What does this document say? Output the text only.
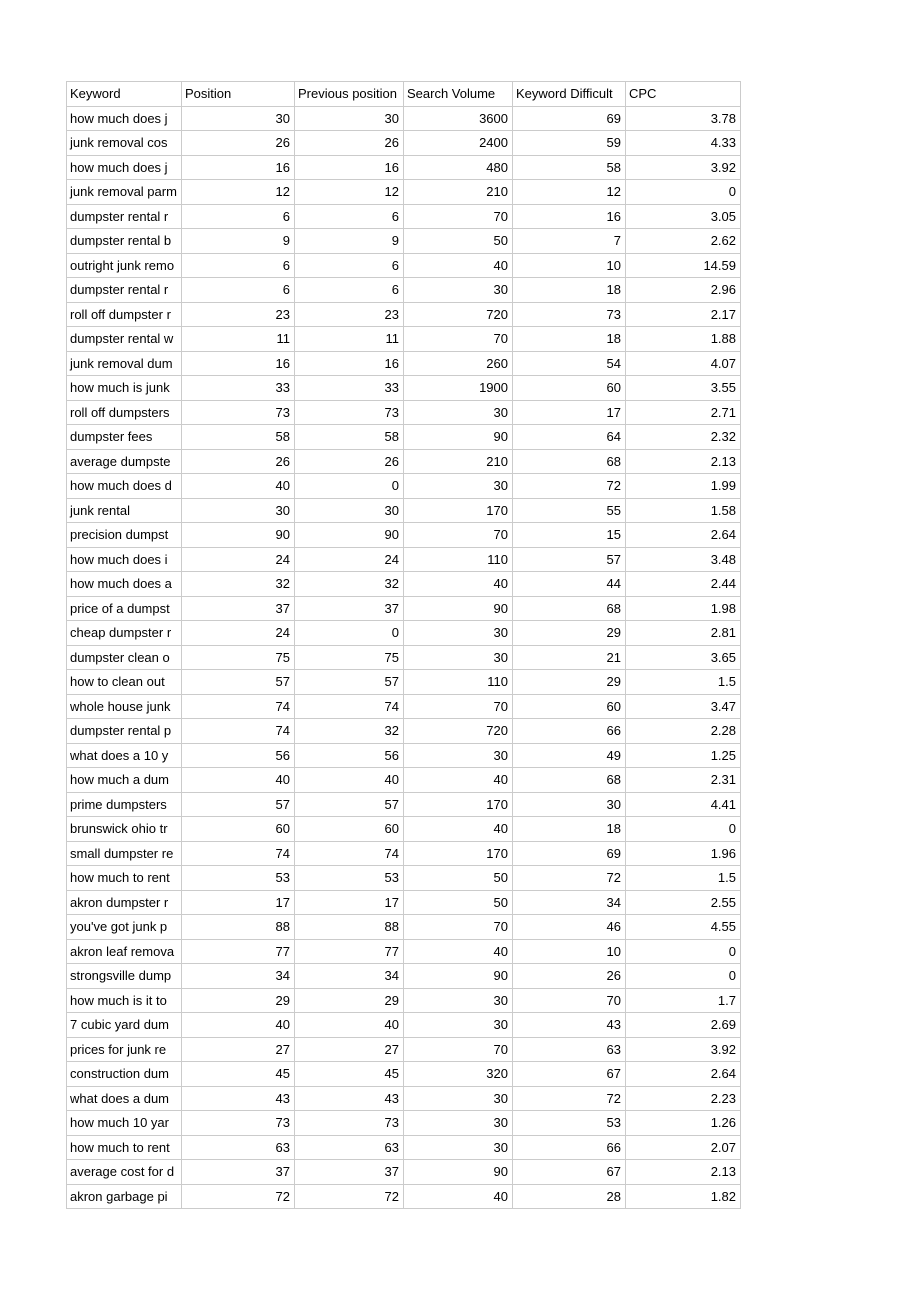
Keyword	Position	Previous position	Search Volume	Keyword Difficult	CPC
how much does j	30	30	3600	69	3.78
junk removal cos	26	26	2400	59	4.33
how much does j	16	16	480	58	3.92
junk removal parm	12	12	210	12	0
dumpster rental r	6	6	70	16	3.05
dumpster rental b	9	9	50	7	2.62
outright junk remo	6	6	40	10	14.59
dumpster rental r	6	6	30	18	2.96
roll off dumpster r	23	23	720	73	2.17
dumpster rental w	11	11	70	18	1.88
junk removal dum	16	16	260	54	4.07
how much is junk	33	33	1900	60	3.55
roll off dumpsters	73	73	30	17	2.71
dumpster fees	58	58	90	64	2.32
average dumpste	26	26	210	68	2.13
how much does d	40	0	30	72	1.99
junk rental	30	30	170	55	1.58
precision dumpst	90	90	70	15	2.64
how much does i	24	24	110	57	3.48
how much does a	32	32	40	44	2.44
price of a dumpst	37	37	90	68	1.98
cheap dumpster r	24	0	30	29	2.81
dumpster clean o	75	75	30	21	3.65
how to clean out	57	57	110	29	1.5
whole house junk	74	74	70	60	3.47
dumpster rental p	74	32	720	66	2.28
what does a 10 y	56	56	30	49	1.25
how much a dum	40	40	40	68	2.31
prime dumpsters	57	57	170	30	4.41
brunswick ohio tr	60	60	40	18	0
small dumpster re	74	74	170	69	1.96
how much to rent	53	53	50	72	1.5
akron dumpster r	17	17	50	34	2.55
you've got junk p	88	88	70	46	4.55
akron leaf remova	77	77	40	10	0
strongsville dump	34	34	90	26	0
how much is it to	29	29	30	70	1.7
7 cubic yard dum	40	40	30	43	2.69
prices for junk re	27	27	70	63	3.92
construction dum	45	45	320	67	2.64
what does a dum	43	43	30	72	2.23
how much 10 yar	73	73	30	53	1.26
how much to rent	63	63	30	66	2.07
average cost for d	37	37	90	67	2.13
akron garbage pi	72	72	40	28	1.82
